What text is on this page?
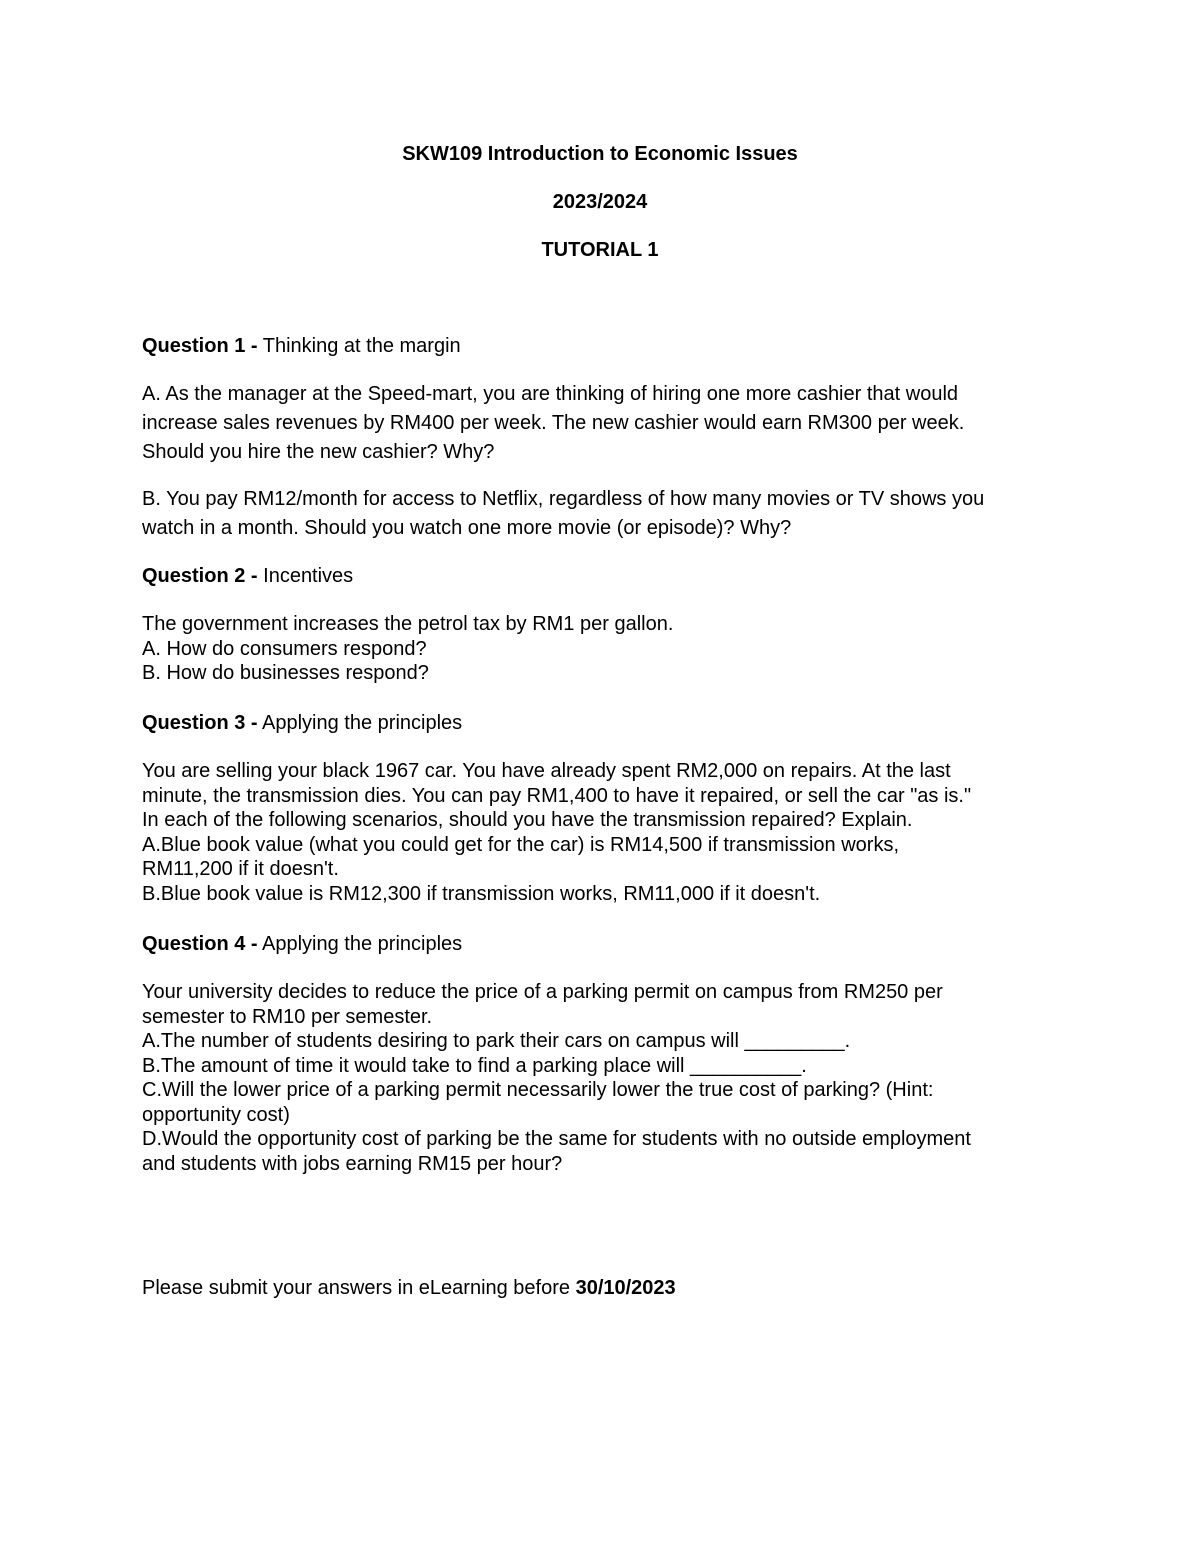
SKW109 Introduction to Economic Issues
2023/2024
TUTORIAL 1
Question 1 - Thinking at the margin
A. As the manager at the Speed-mart, you are thinking of hiring one more cashier that would
increase sales revenues by RM400 per week. The new cashier would earn RM300 per week.
Should you hire the new cashier? Why?
B. You pay RM12/month for access to Netflix, regardless of how many movies or TV shows you
watch in a month. Should you watch one more movie (or episode)? Why?
Question 2 - Incentives
The government increases the petrol tax by RM1 per gallon.
A. How do consumers respond?
B. How do businesses respond?
Question 3 - Applying the principles
You are selling your black 1967 car. You have already spent RM2,000 on repairs. At the last
minute, the transmission dies. You can pay RM1,400 to have it repaired, or sell the car "as is."
In each of the following scenarios, should you have the transmission repaired? Explain.
A.Blue book value (what you could get for the car) is RM14,500 if transmission works,
RM11,200 if it doesn't.
B.Blue book value is RM12,300 if transmission works, RM11,000 if it doesn't.
Question 4 - Applying the principles
Your university decides to reduce the price of a parking permit on campus from RM250 per
semester to RM10 per semester.
A.The number of students desiring to park their cars on campus will _________.
B.The amount of time it would take to find a parking place will __________.
C.Will the lower price of a parking permit necessarily lower the true cost of parking? (Hint:
opportunity cost)
D.Would the opportunity cost of parking be the same for students with no outside employment
and students with jobs earning RM15 per hour?
Please submit your answers in eLearning before 30/10/2023
